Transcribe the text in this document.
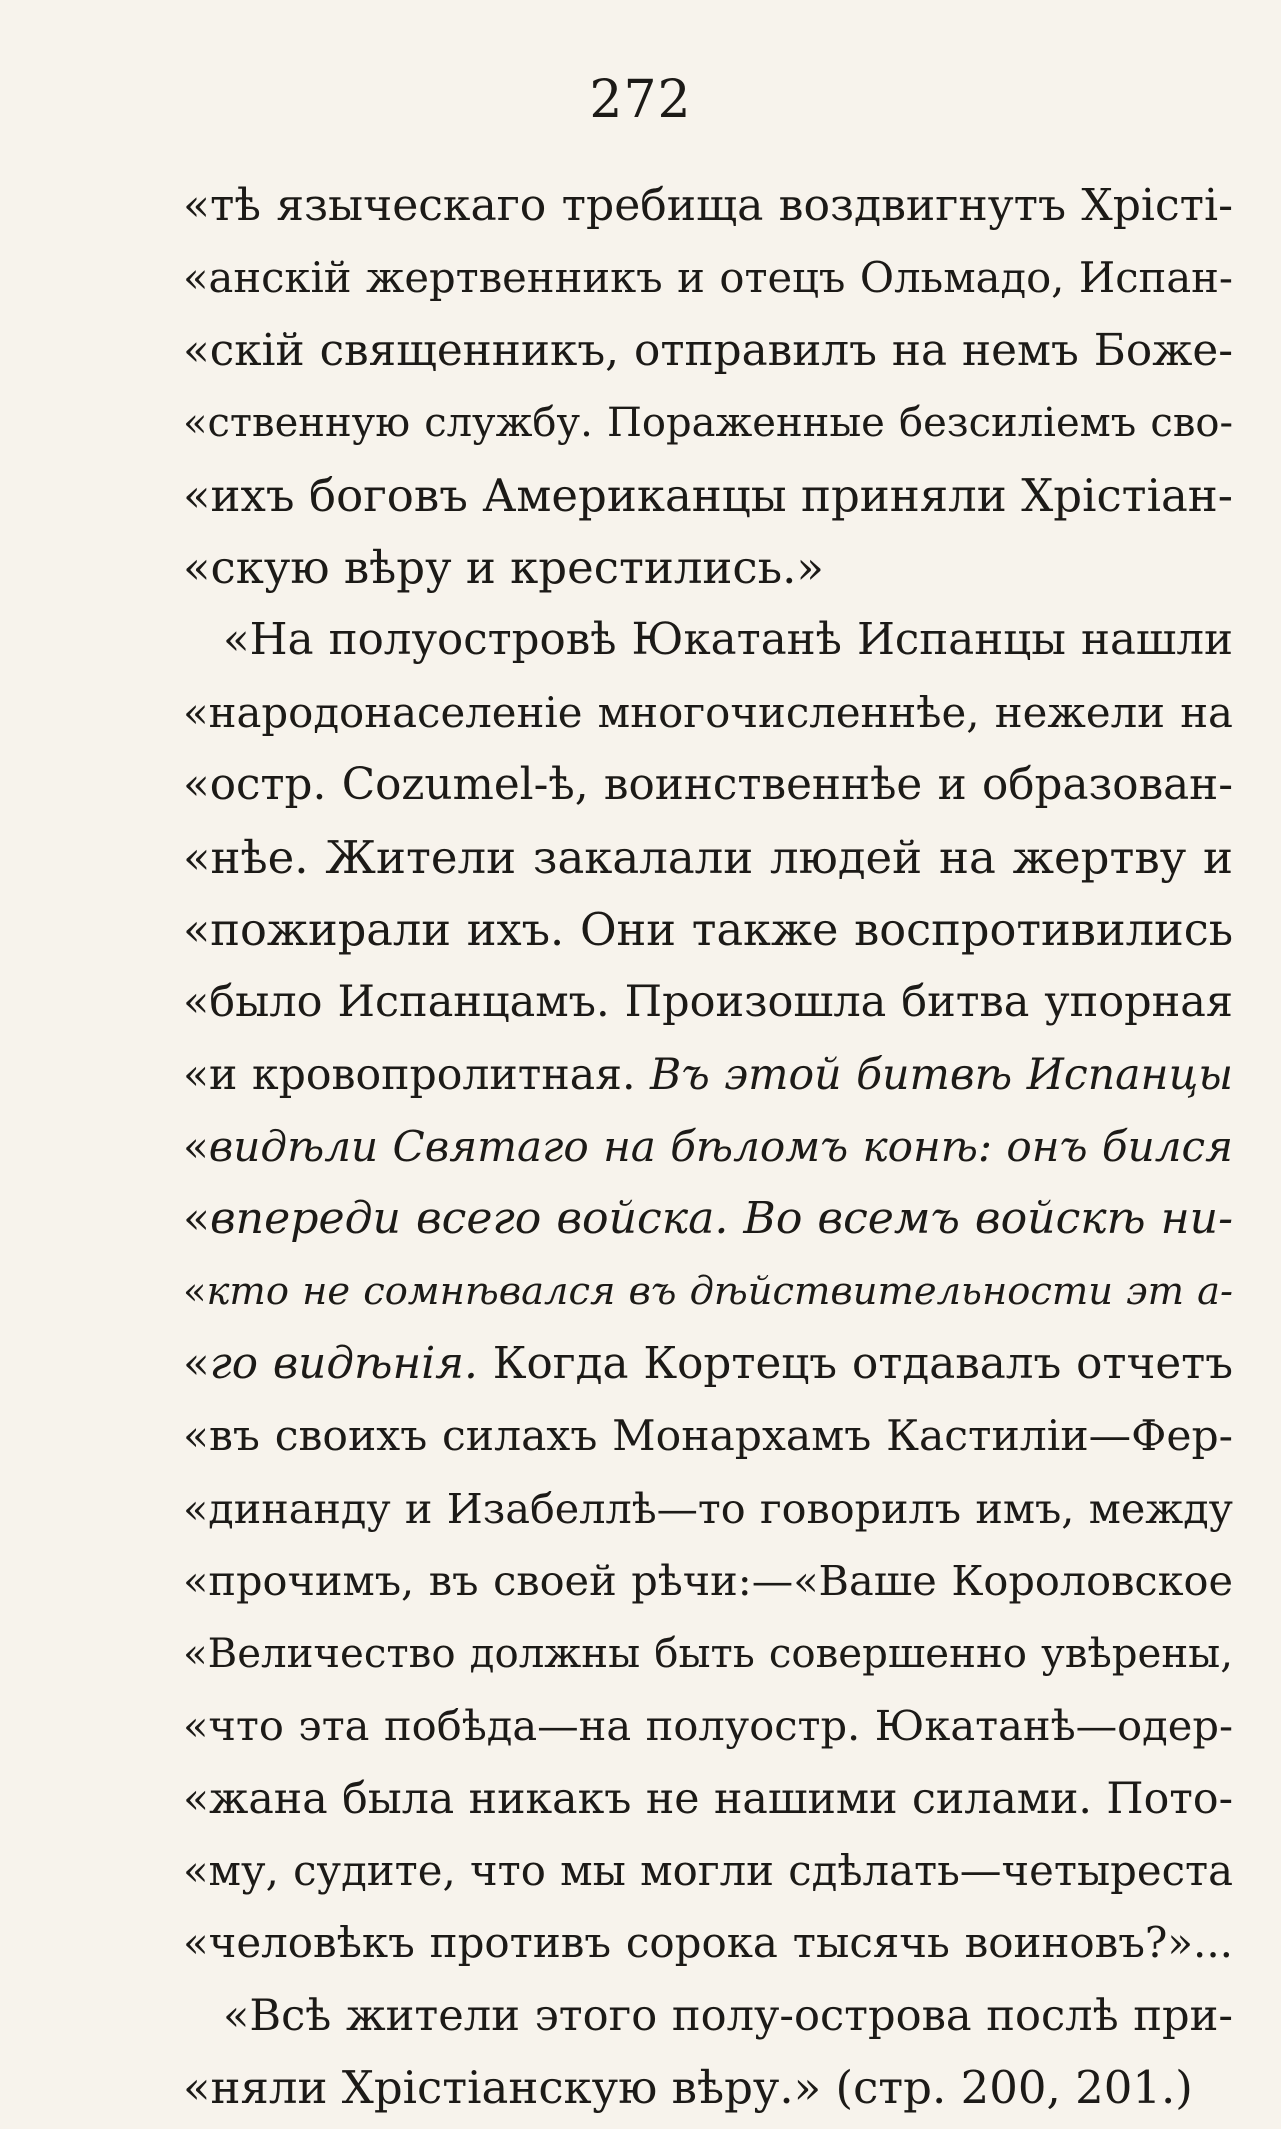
272
«тѣ языческаго требища воздвигнутъ Хрісті-
«анскій жертвенникъ и отецъ Ольмадо, Испан-
«скій священникъ, отправилъ на немъ Боже-
«ственную службу. Пораженные безсиліемъ сво-
«ихъ боговъ Американцы приняли Хрістіан-
«скую вѣру и крестились.»
«На полуостровѣ Юкатанѣ Испанцы нашли
«народонаселеніе многочисленнѣе, нежели на
«остр. Cozumel-ѣ, воинственнѣе и образован-
«нѣе. Жители закалали людей на жертву и
«пожирали ихъ. Они также воспротивились
«было Испанцамъ. Произошла битва упорная
«и кровопролитная. Въ этой битвѣ Испанцы
«видѣли Святаго на бѣломъ конѣ: онъ бился
«впереди всего войска. Во всемъ войскѣ ни-
«кто не сомнѣвался въ дѣйствительности эт а-
«го видѣнія. Когда Кортецъ отдавалъ отчетъ
«въ своихъ силахъ Монархамъ Кастиліи—Фер-
«динанду и Изабеллѣ—то говорилъ имъ, между
«прочимъ, въ своей рѣчи:—«Ваше Короловское
«Величество должны быть совершенно увѣрены,
«что эта побѣда—на полуостр. Юкатанѣ—одер-
«жана была никакъ не нашими силами. Пото-
«му, судите, что мы могли сдѣлать—четыреста
«человѣкъ противъ сорока тысячь воиновъ?»...
«Всѣ жители этого полу-острова послѣ при-
«няли Хрістіанскую вѣру.» (стр. 200, 201.)
